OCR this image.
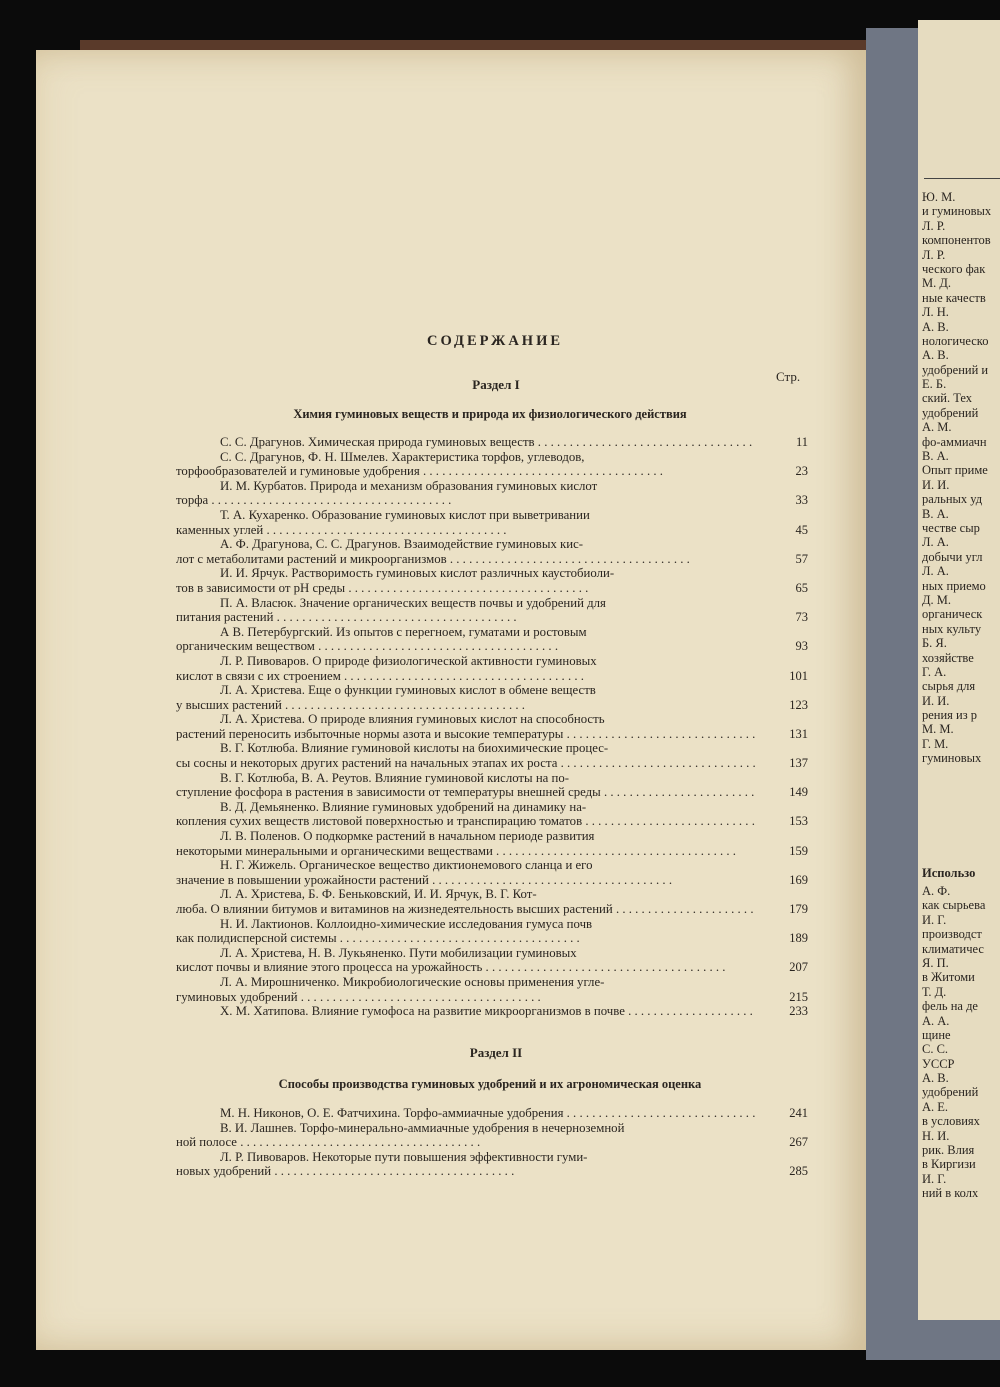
Ю. М.
и гуминовых
Л. Р.
компонентов
Л. Р.
ческого фак
М. Д.
ные качеств
Л. Н.
А. В.
нологическо
А. В.
удобрений и
Е. Б.
ский. Тех
удобрений
А. М.
фо-аммиачн
В. А.
Опыт приме
И. И.
ральных уд
В. А.
честве сыр
Л. А.
добычи угл
Л. А.
ных приемо
Д. М.
органическ
ных культу
Б. Я.
хозяйстве
Г. А.
сырья для
И. И.
рения из р
М. М.
Г. М.
гуминовых
Использо
А. Ф.
как сырьева
И. Г.
производст
климатичес
Я. П.
в Житоми
Т. Д.
фель на де
А. А.
щине
С. С.
УССР
А. В.
удобрений
А. Е.
в условиях
Н. И.
рик. Влия
в Киргизи
И. Г.
ний в колх
СОДЕРЖАНИЕ
Стр.
Раздел I
Химия гуминовых веществ и природа их физиологического действия
С. С. Драгунов. Химическая природа гуминовых веществ . . .	11
С. С. Драгунов, Ф. Н. Шмелев. Характеристика торфов, углеводов,
торфообразователей и гуминовые удобрения . . .	23
И. М. Курбатов. Природа и механизм образования гуминовых кислот
торфа . . .	33
Т. А. Кухаренко. Образование гуминовых кислот при выветривании
каменных углей . . .	45
А. Ф. Драгунова, С. С. Драгунов. Взаимодействие гуминовых кис-
лот с метаболитами растений и микроорганизмов . . .	57
И. И. Ярчук. Растворимость гуминовых кислот различных каустобиоли-
тов в зависимости от pH среды . . .	65
П. А. Власюк. Значение органических веществ почвы и удобрений для
питания растений . . .	73
А В. Петербургский. Из опытов с перегноем, гуматами и ростовым
органическим веществом . . .	93
Л. Р. Пивоваров. О природе физиологической активности гуминовых
кислот в связи с их строением . . .	101
Л. А. Христева. Еще о функции гуминовых кислот в обмене веществ
у высших растений . . .	123
Л. А. Христева. О природе влияния гуминовых кислот на способность
растений переносить избыточные нормы азота и высокие температуры . . .	131
В. Г. Котлюба. Влияние гуминовой кислоты на биохимические процес-
сы сосны и некоторых других растений на начальных этапах их роста . . .	137
В. Г. Котлюба, В. А. Реутов. Влияние гуминовой кислоты на по-
ступление фосфора в растения в зависимости от температуры внешней среды . . .	149
В. Д. Демьяненко. Влияние гуминовых удобрений на динамику на-
копления сухих веществ листовой поверхностью и транспирацию томатов . . .	153
Л. В. Поленов. О подкормке растений в начальном периоде развития
некоторыми минеральными и органическими веществами . . .	159
Н. Г. Жижель. Органическое вещество диктионемового сланца и его
значение в повышении урожайности растений . . .	169
Л. А. Христева, Б. Ф. Беньковский, И. И. Ярчук, В. Г. Кот-
люба. О влиянии битумов и витаминов на жизнедеятельность высших растений . . .	179
Н. И. Лактионов. Коллоидно-химические исследования гумуса почв
как полидисперсной системы . . .	189
Л. А. Христева, Н. В. Лукьяненко. Пути мобилизации гуминовых
кислот почвы и влияние этого процесса на урожайность . . .	207
Л. А. Мирошниченко. Микробиологические основы применения угле-
гуминовых удобрений . . .	215
Х. М. Хатипова. Влияние гумофоса на развитие микроорганизмов в почве . . .	233
Раздел II
Способы производства гуминовых удобрений и их агрономическая оценка
М. Н. Никонов, О. Е. Фатчихина. Торфо-аммиачные удобрения . . .	241
В. И. Лашнев. Торфо-минерально-аммиачные удобрения в нечерноземной
ной полосе . . .	267
Л. Р. Пивоваров. Некоторые пути повышения эффективности гуми-
новых удобрений . . .	285
